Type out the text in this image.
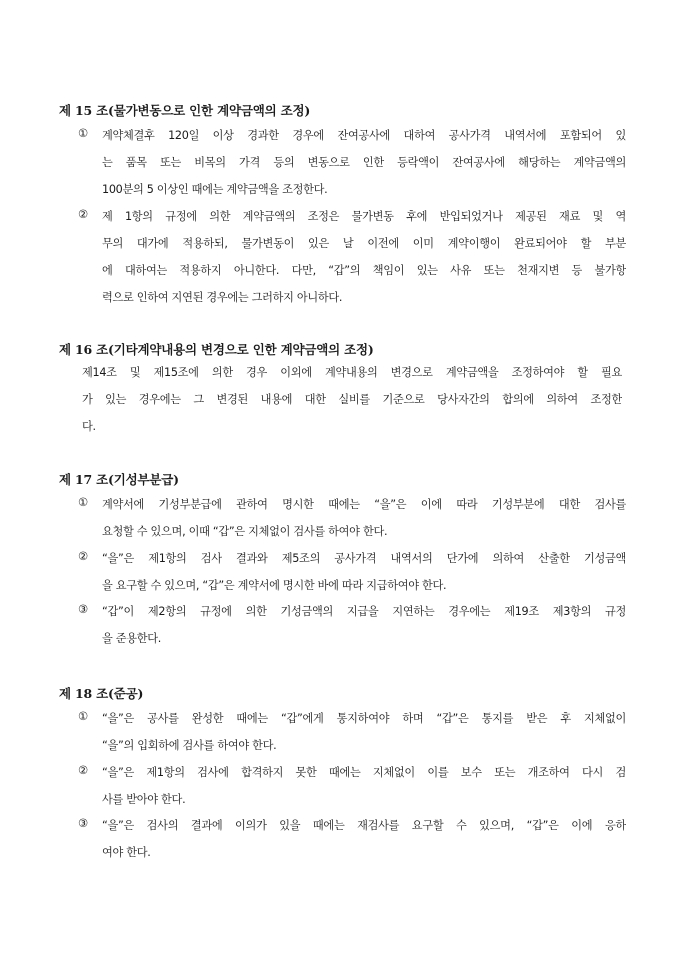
제 15 조(물가변동으로 인한 계약금액의 조정)
① 계약체결후 120일 이상 경과한 경우에 잔여공사에 대하여 공사가격 내역서에 포함되어 있
는 품목 또는 비목의 가격 등의 변동으로 인한 등락액이 잔여공사에 해당하는 계약금액의
100분의 5 이상인 때에는 계약금액을 조정한다.
② 제 1항의 규정에 의한 계약금액의 조정은 물가변동 후에 반입되었거나 제공된 재료 및 역
무의 대가에 적용하되, 물가변동이 있은 날 이전에 이미 계약이행이 완료되어야 할 부분
에 대하여는 적용하지 아니한다. 다만, “갑”의 책임이 있는 사유 또는 천재지변 등 불가항
력으로 인하여 지연된 경우에는 그러하지 아니하다.
제 16 조(기타계약내용의 변경으로 인한 계약금액의 조정)
제14조 및 제15조에 의한 경우 이외에 계약내용의 변경으로 계약금액을 조정하여야 할 필요
가 있는 경우에는 그 변경된 내용에 대한 실비를 기준으로 당사자간의 합의에 의하여 조정한
다.
제 17 조(기성부분급)
① 계약서에 기성부분급에 관하여 명시한 때에는 “을”은 이에 따라 기성부분에 대한 검사를
요청할 수 있으며, 이때 “갑”은 지체없이 검사를 하여야 한다.
② “을”은 제1항의 검사 결과와 제5조의 공사가격 내역서의 단가에 의하여 산출한 기성금액
을 요구할 수 있으며, “갑”은 계약서에 명시한 바에 따라 지급하여야 한다.
③ “갑”이 제2항의 규정에 의한 기성금액의 지급을 지연하는 경우에는 제19조 제3항의 규정
을 준용한다.
제 18 조(준공)
① “을”은 공사를 완성한 때에는 “갑”에게 통지하여야 하며 “갑”은 통지를 받은 후 지체없이
“을”의 입회하에 검사를 하여야 한다.
② “을”은 제1항의 검사에 합격하지 못한 때에는 지체없이 이를 보수 또는 개조하여 다시 검
사를 받아야 한다.
③ “을”은 검사의 결과에 이의가 있을 때에는 재검사를 요구할 수 있으며, “갑”은 이에 응하
여야 한다.
